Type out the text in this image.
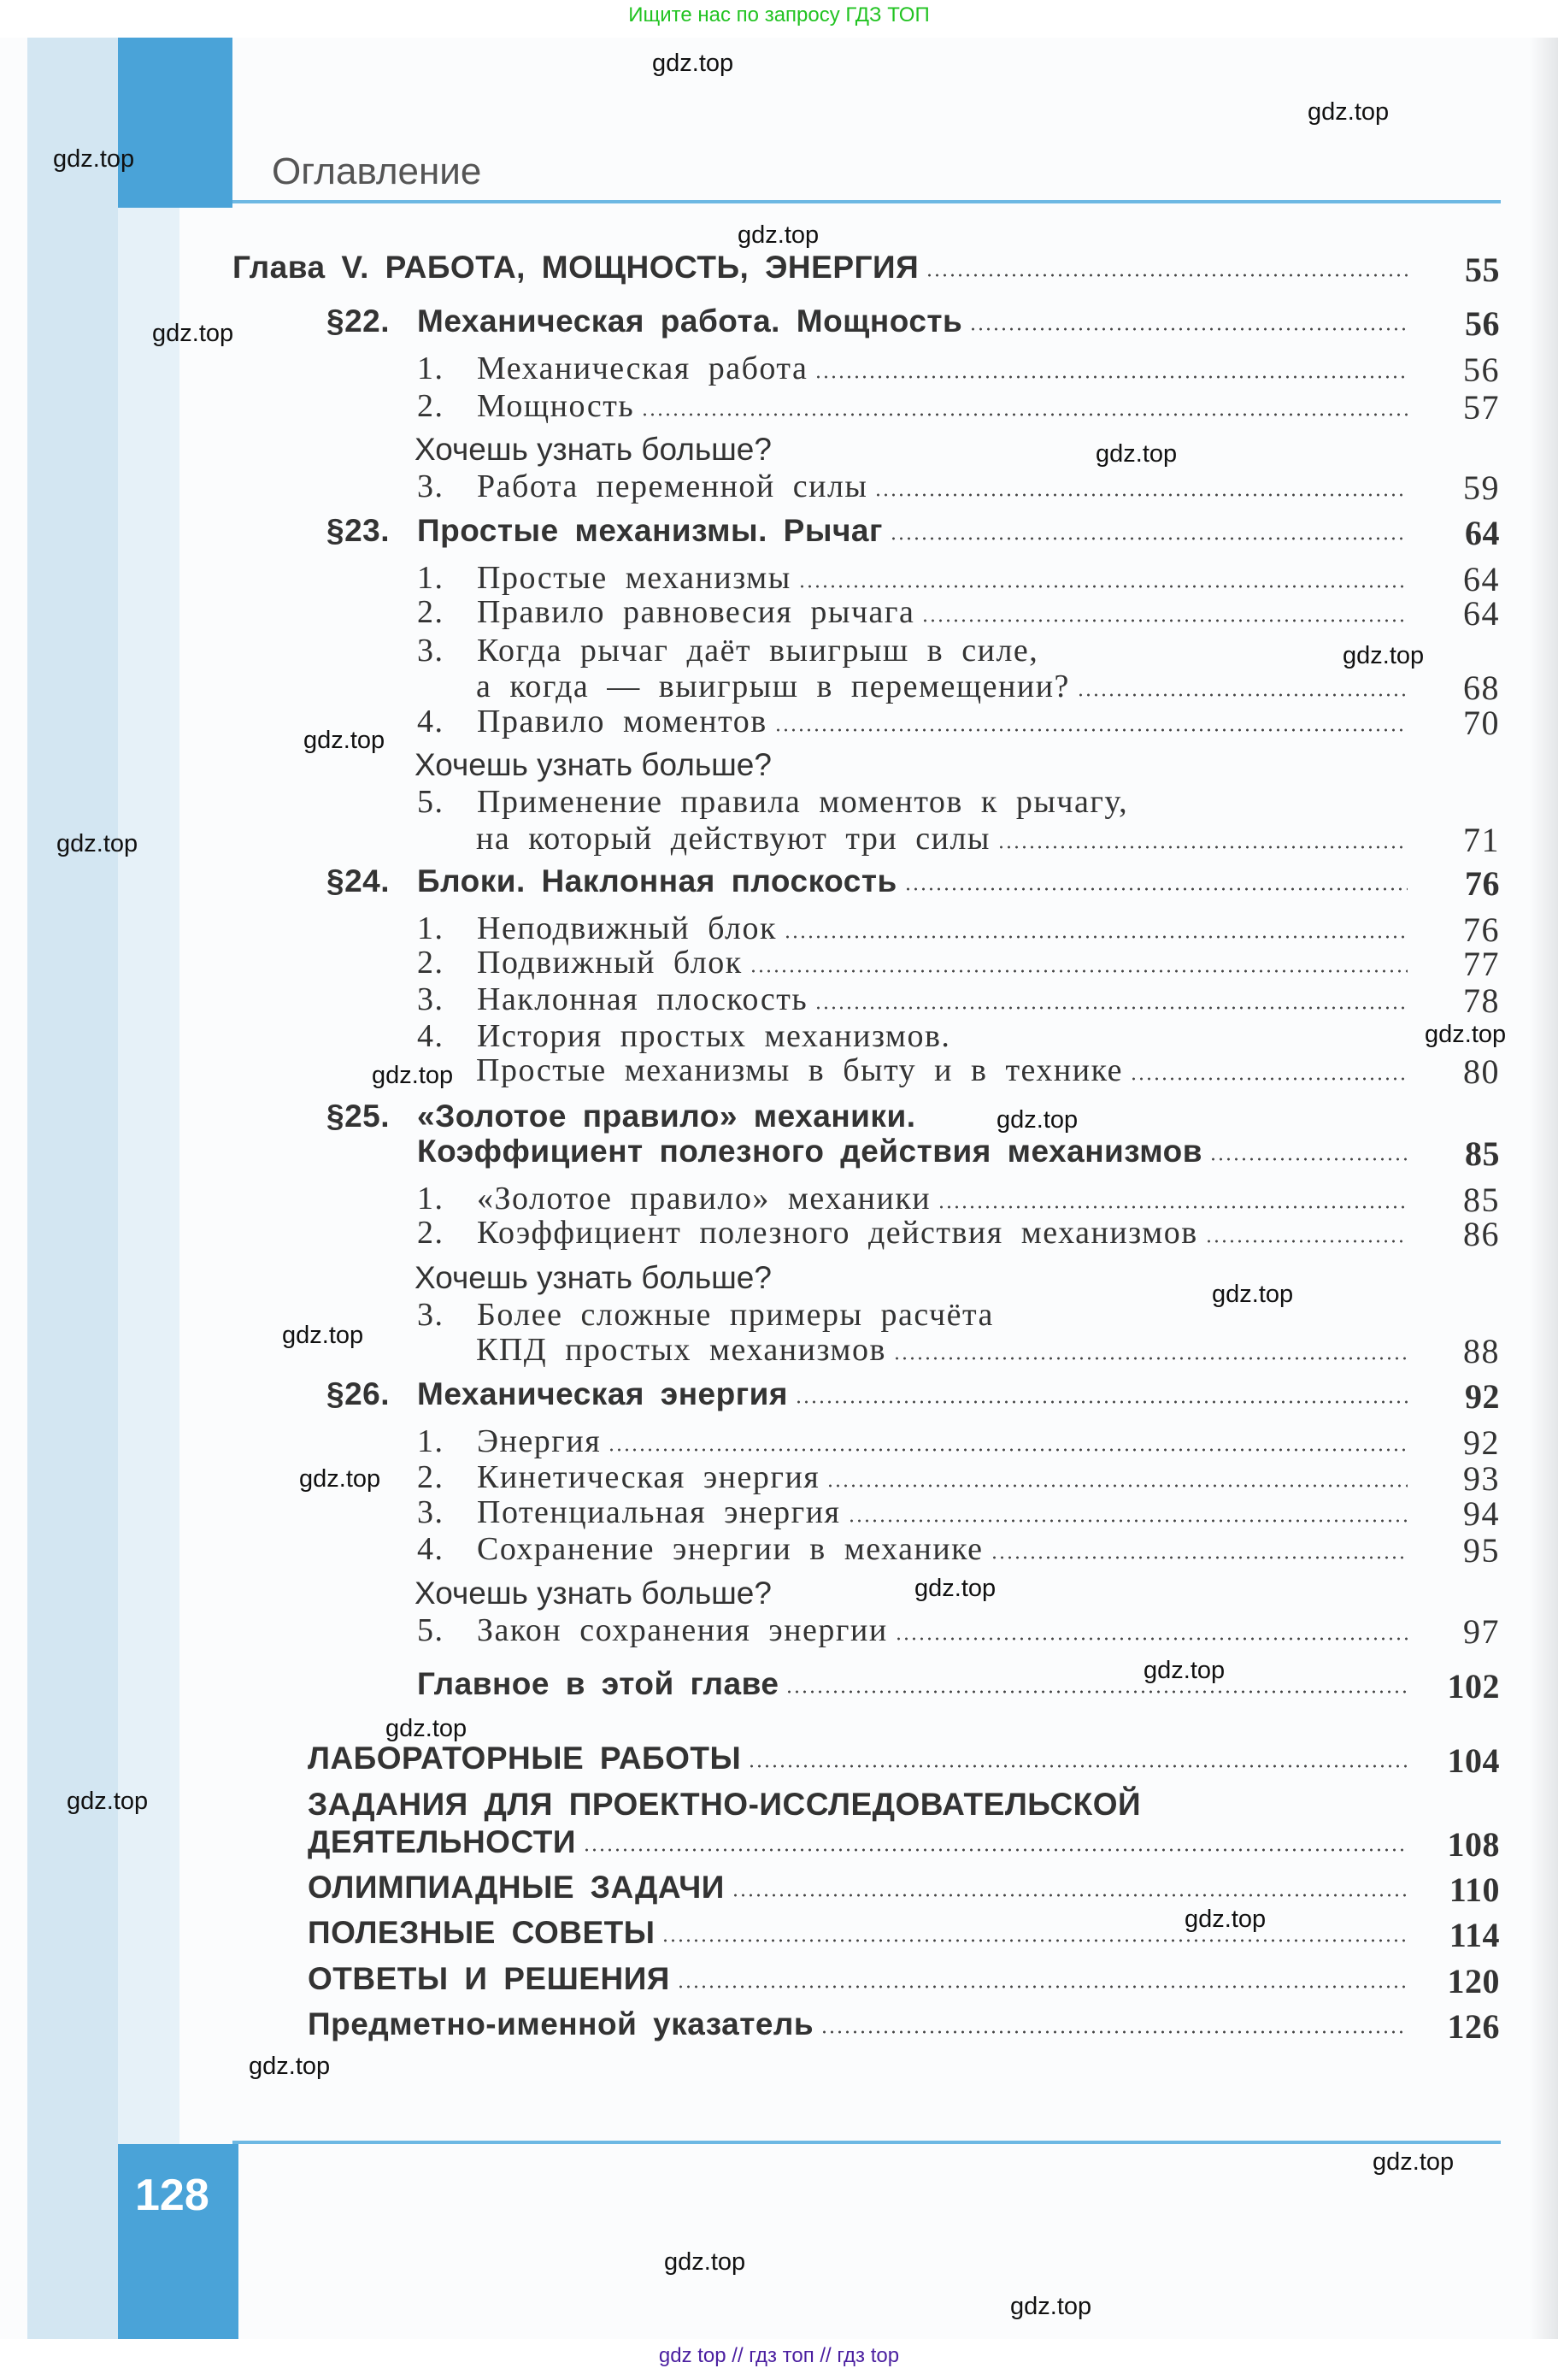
Ищите нас по запросу ГДЗ ТОП
Оглавление
128
Глава V. РАБОТА, МОЩНОСТЬ, ЭНЕРГИЯ	55
§22. Механическая работа. Мощность	56
1.	Механическая работа	56
2.	Мощность	57
Хочешь узнать больше?
3.	Работа переменной силы	59
§23. Простые механизмы. Рычаг	64
1.	Простые механизмы	64
2.	Правило равновесия рычага	64
3.	Когда рычаг даёт выигрыш в силе,
а когда — выигрыш в перемещении?	68
4.	Правило моментов	70
Хочешь узнать больше?
5.	Применение правила моментов к рычагу,
на который действуют три силы	71
§24. Блоки. Наклонная плоскость	76
1.	Неподвижный блок	76
2.	Подвижный блок	77
3.	Наклонная плоскость	78
4.	История простых механизмов.
Простые механизмы в быту и в технике	80
§25. «Золотое правило» механики.
Коэффициент полезного действия механизмов	85
1.	«Золотое правило» механики	85
2.	Коэффициент полезного действия механизмов	86
Хочешь узнать больше?
3.	Более сложные примеры расчёта
КПД простых механизмов	88
§26. Механическая энергия	92
1.	Энергия	92
2.	Кинетическая энергия	93
3.	Потенциальная энергия	94
4.	Сохранение энергии в механике	95
Хочешь узнать больше?
5.	Закон сохранения энергии	97
Главное в этой главе	102
ЛАБОРАТОРНЫЕ РАБОТЫ	104
ЗАДАНИЯ ДЛЯ ПРОЕКТНО-ИССЛЕДОВАТЕЛЬСКОЙ
ДЕЯТЕЛЬНОСТИ	108
ОЛИМПИАДНЫЕ ЗАДАЧИ	110
ПОЛЕЗНЫЕ СОВЕТЫ	114
ОТВЕТЫ И РЕШЕНИЯ	120
Предметно-именной указатель	126
gdz.top
gdz.top
gdz.top
gdz.top
gdz.top
gdz.top
gdz.top
gdz.top
gdz.top
gdz.top
gdz.top
gdz.top
gdz.top
gdz.top
gdz.top
gdz.top
gdz.top
gdz.top
gdz.top
gdz.top
gdz.top
gdz.top
gdz.top
gdz.top
gdz top // гдз топ // гдз top
